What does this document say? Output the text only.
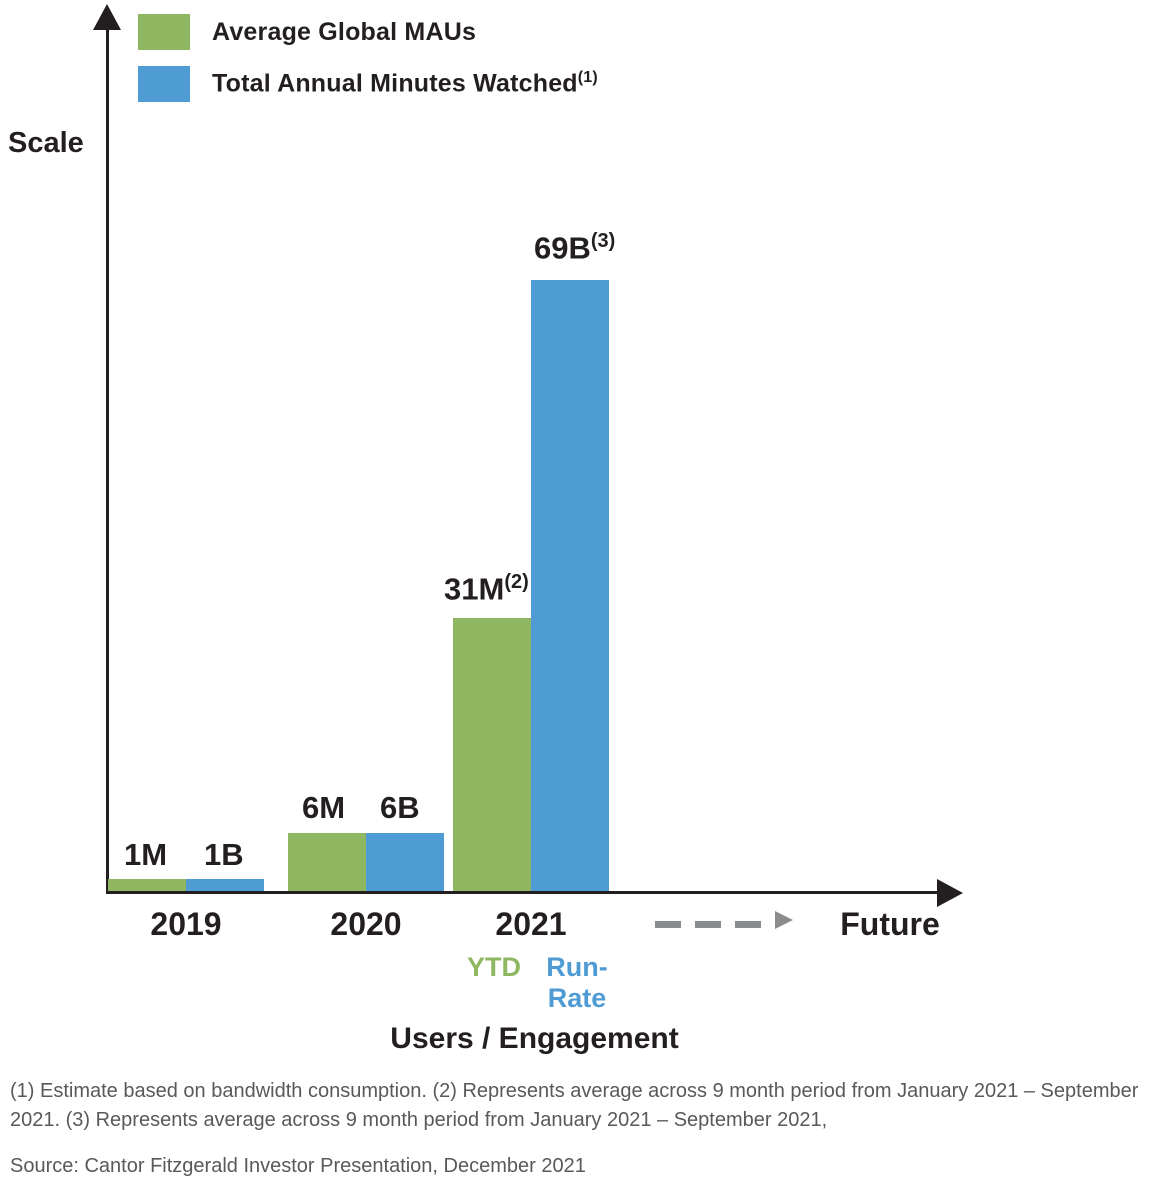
Average Global MAUs
Total Annual Minutes Watched$^{(1)}$
Scale
1M 1B
6M 6B
$31M^{(2)}$
$69B^{(3)}$
2019	2020	2021	Future
YTD Run-
Rate
Users / Engagement
(1) Estimate based on bandwidth consumption. (2) Represents average across 9 month period from January 2021 – September 2021. (3) Represents average across 9 month period from January 2021 – September 2021,
Source: Cantor Fitzgerald Investor Presentation, December 2021
